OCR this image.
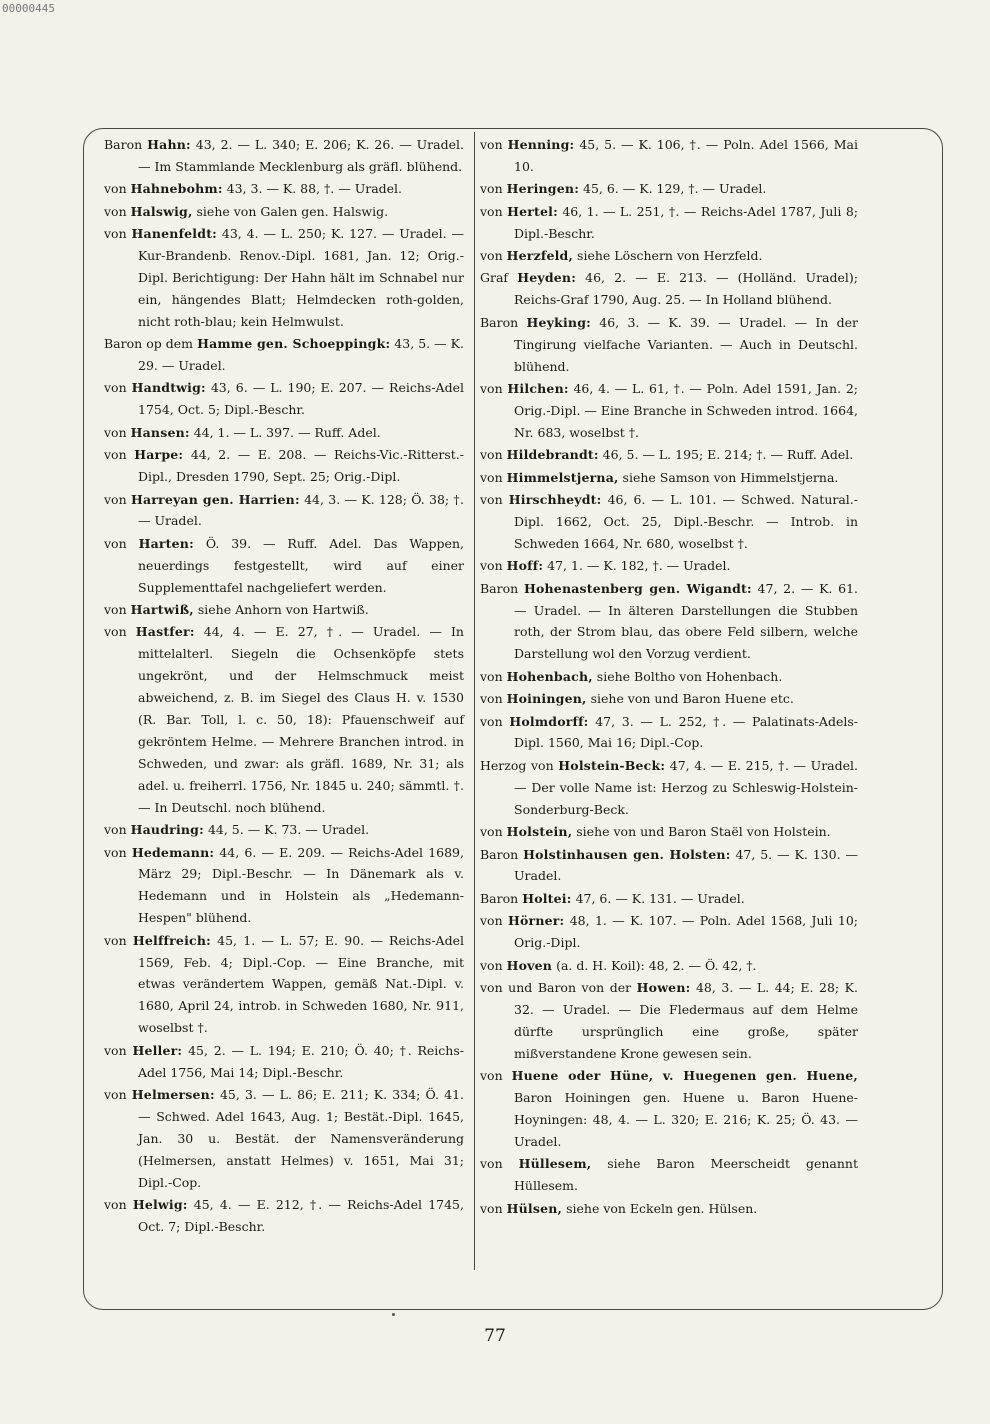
00000445
Baron Hahn: 43, 2. — L. 340; E. 206; K. 26. — Uradel. — Im Stammlande Mecklenburg als gräfl. blühend.
von Hahnebohm: 43, 3. — K. 88, †. — Uradel.
von Halswig, siehe von Galen gen. Halswig.
von Hanenfeldt: 43, 4. — L. 250; K. 127. — Uradel. — Kur-Brandenb. Renov.-Dipl. 1681, Jan. 12; Orig.-Dipl. Berichtigung: Der Hahn hält im Schnabel nur ein, hängendes Blatt; Helmdecken roth-golden, nicht roth-blau; kein Helmwulst.
Baron op dem Hamme gen. Schoeppingk: 43, 5. — K. 29. — Uradel.
von Handtwig: 43, 6. — L. 190; E. 207. — Reichs-Adel 1754, Oct. 5; Dipl.-Beschr.
von Hansen: 44, 1. — L. 397. — Ruff. Adel.
von Harpe: 44, 2. — E. 208. — Reichs-Vic.-Ritterst.-Dipl., Dresden 1790, Sept. 25; Orig.-Dipl.
von Harreyan gen. Harrien: 44, 3. — K. 128; Ö. 38; †. — Uradel.
von Harten: Ö. 39. — Ruff. Adel. Das Wappen, neuerdings festgestellt, wird auf einer Supplementtafel nachgeliefert werden.
von Hartwiß, siehe Anhorn von Hartwiß.
von Hastfer: 44, 4. — E. 27, †. — Uradel. — In mittelalterl. Siegeln die Ochsenköpfe stets ungekrönt, und der Helmschmuck meist abweichend, z. B. im Siegel des Claus H. v. 1530 (R. Bar. Toll, l. c. 50, 18): Pfauenschweif auf gekröntem Helme. — Mehrere Branchen introd. in Schweden, und zwar: als gräfl. 1689, Nr. 31; als adel. u. freiherrl. 1756, Nr. 1845 u. 240; sämmtl. †. — In Deutschl. noch blühend.
von Haudring: 44, 5. — K. 73. — Uradel.
von Hedemann: 44, 6. — E. 209. — Reichs-Adel 1689, März 29; Dipl.-Beschr. — In Dänemark als v. Hedemann und in Holstein als „Hedemann-Hespen" blühend.
von Helffreich: 45, 1. — L. 57; E. 90. — Reichs-Adel 1569, Feb. 4; Dipl.-Cop. — Eine Branche, mit etwas verändertem Wappen, gemäß Nat.-Dipl. v. 1680, April 24, introb. in Schweden 1680, Nr. 911, woselbst †.
von Heller: 45, 2. — L. 194; E. 210; Ö. 40; †. Reichs-Adel 1756, Mai 14; Dipl.-Beschr.
von Helmersen: 45, 3. — L. 86; E. 211; K. 334; Ö. 41. — Schwed. Adel 1643, Aug. 1; Bestät.-Dipl. 1645, Jan. 30 u. Bestät. der Namensveränderung (Helmersen, anstatt Helmes) v. 1651, Mai 31; Dipl.-Cop.
von Helwig: 45, 4. — E. 212, †. — Reichs-Adel 1745, Oct. 7; Dipl.-Beschr.
von Henning: 45, 5. — K. 106, †. — Poln. Adel 1566, Mai 10.
von Heringen: 45, 6. — K. 129, †. — Uradel.
von Hertel: 46, 1. — L. 251, †. — Reichs-Adel 1787, Juli 8; Dipl.-Beschr.
von Herzfeld, siehe Löschern von Herzfeld.
Graf Heyden: 46, 2. — E. 213. — (Holländ. Uradel); Reichs-Graf 1790, Aug. 25. — In Holland blühend.
Baron Heyking: 46, 3. — K. 39. — Uradel. — In der Tingirung vielfache Varianten. — Auch in Deutschl. blühend.
von Hilchen: 46, 4. — L. 61, †. — Poln. Adel 1591, Jan. 2; Orig.-Dipl. — Eine Branche in Schweden introd. 1664, Nr. 683, woselbst †.
von Hildebrandt: 46, 5. — L. 195; E. 214; †. — Ruff. Adel.
von Himmelstjerna, siehe Samson von Himmelstjerna.
von Hirschheydt: 46, 6. — L. 101. — Schwed. Natural.-Dipl. 1662, Oct. 25, Dipl.-Beschr. — Introb. in Schweden 1664, Nr. 680, woselbst †.
von Hoff: 47, 1. — K. 182, †. — Uradel.
Baron Hohenastenberg gen. Wigandt: 47, 2. — K. 61. — Uradel. — In älteren Darstellungen die Stubben roth, der Strom blau, das obere Feld silbern, welche Darstellung wol den Vorzug verdient.
von Hohenbach, siehe Boltho von Hohenbach.
von Hoiningen, siehe von und Baron Huene etc.
von Holmdorff: 47, 3. — L. 252, †. — Palatinats-Adels-Dipl. 1560, Mai 16; Dipl.-Cop.
Herzog von Holstein-Beck: 47, 4. — E. 215, †. — Uradel. — Der volle Name ist: Herzog zu Schleswig-Holstein-Sonderburg-Beck.
von Holstein, siehe von und Baron Staël von Holstein.
Baron Holstinhausen gen. Holsten: 47, 5. — K. 130. — Uradel.
Baron Holtei: 47, 6. — K. 131. — Uradel.
von Hörner: 48, 1. — K. 107. — Poln. Adel 1568, Juli 10; Orig.-Dipl.
von Hoven (a. d. H. Koil): 48, 2. — Ö. 42, †.
von und Baron von der Howen: 48, 3. — L. 44; E. 28; K. 32. — Uradel. — Die Fledermaus auf dem Helme dürfte ursprünglich eine große, später mißverstandene Krone gewesen sein.
von Huene oder Hüne, v. Huegenen gen. Huene, Baron Hoiningen gen. Huene u. Baron Huene-Hoyningen: 48, 4. — L. 320; E. 216; K. 25; Ö. 43. — Uradel.
von Hüllesem, siehe Baron Meerscheidt genannt Hüllesem.
von Hülsen, siehe von Eckeln gen. Hülsen.
77
